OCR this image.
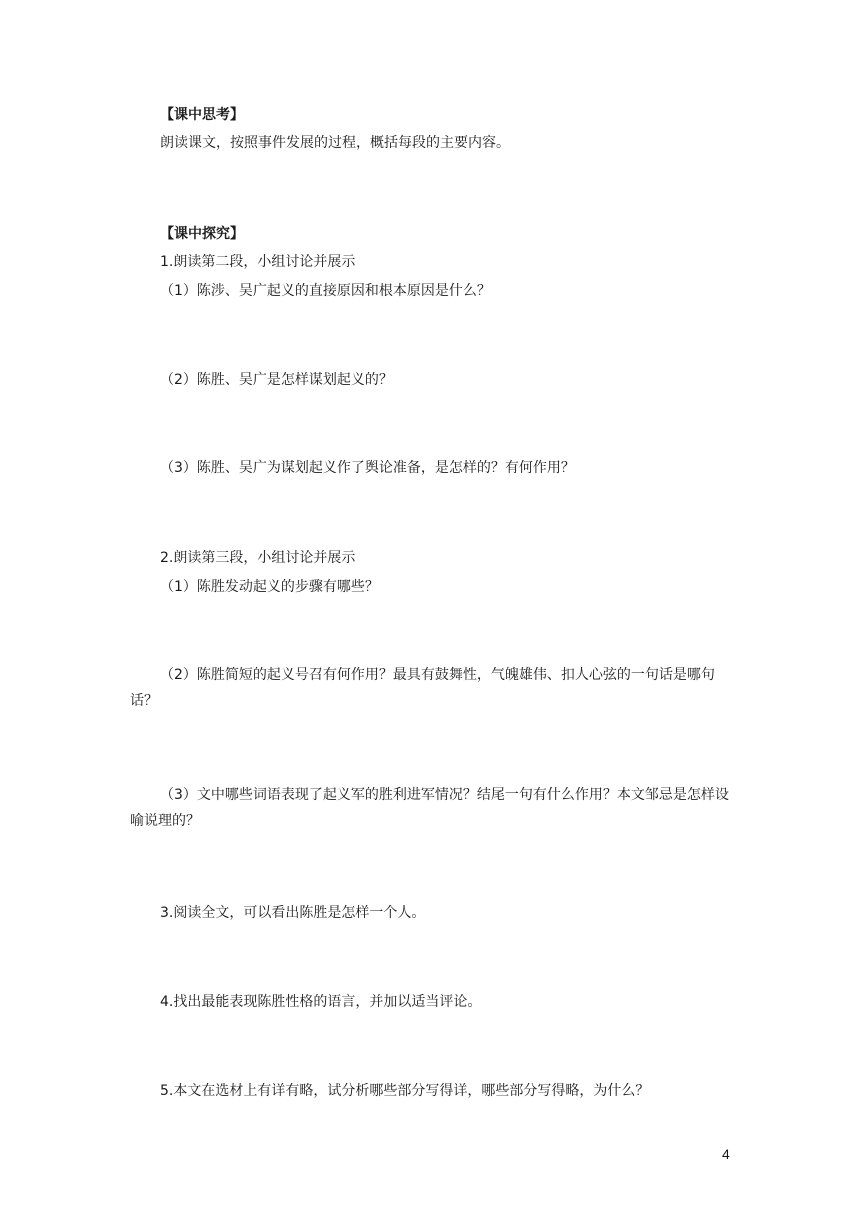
【课中思考】
朗读课文，按照事件发展的过程，概括每段的主要内容。
【课中探究】
1.朗读第二段，小组讨论并展示
（1）陈涉、吴广起义的直接原因和根本原因是什么？
（2）陈胜、吴广是怎样谋划起义的？
（3）陈胜、吴广为谋划起义作了舆论准备，是怎样的？有何作用？
2.朗读第三段，小组讨论并展示
（1）陈胜发动起义的步骤有哪些？
（2）陈胜简短的起义号召有何作用？最具有鼓舞性，气魄雄伟、扣人心弦的一句话是哪句话？
（3）文中哪些词语表现了起义军的胜利进军情况？结尾一句有什么作用？本文邹忌是怎样设喻说理的？
3.阅读全文，可以看出陈胜是怎样一个人。
4.找出最能表现陈胜性格的语言，并加以适当评论。
5.本文在选材上有详有略，试分析哪些部分写得详，哪些部分写得略，为什么？
4
